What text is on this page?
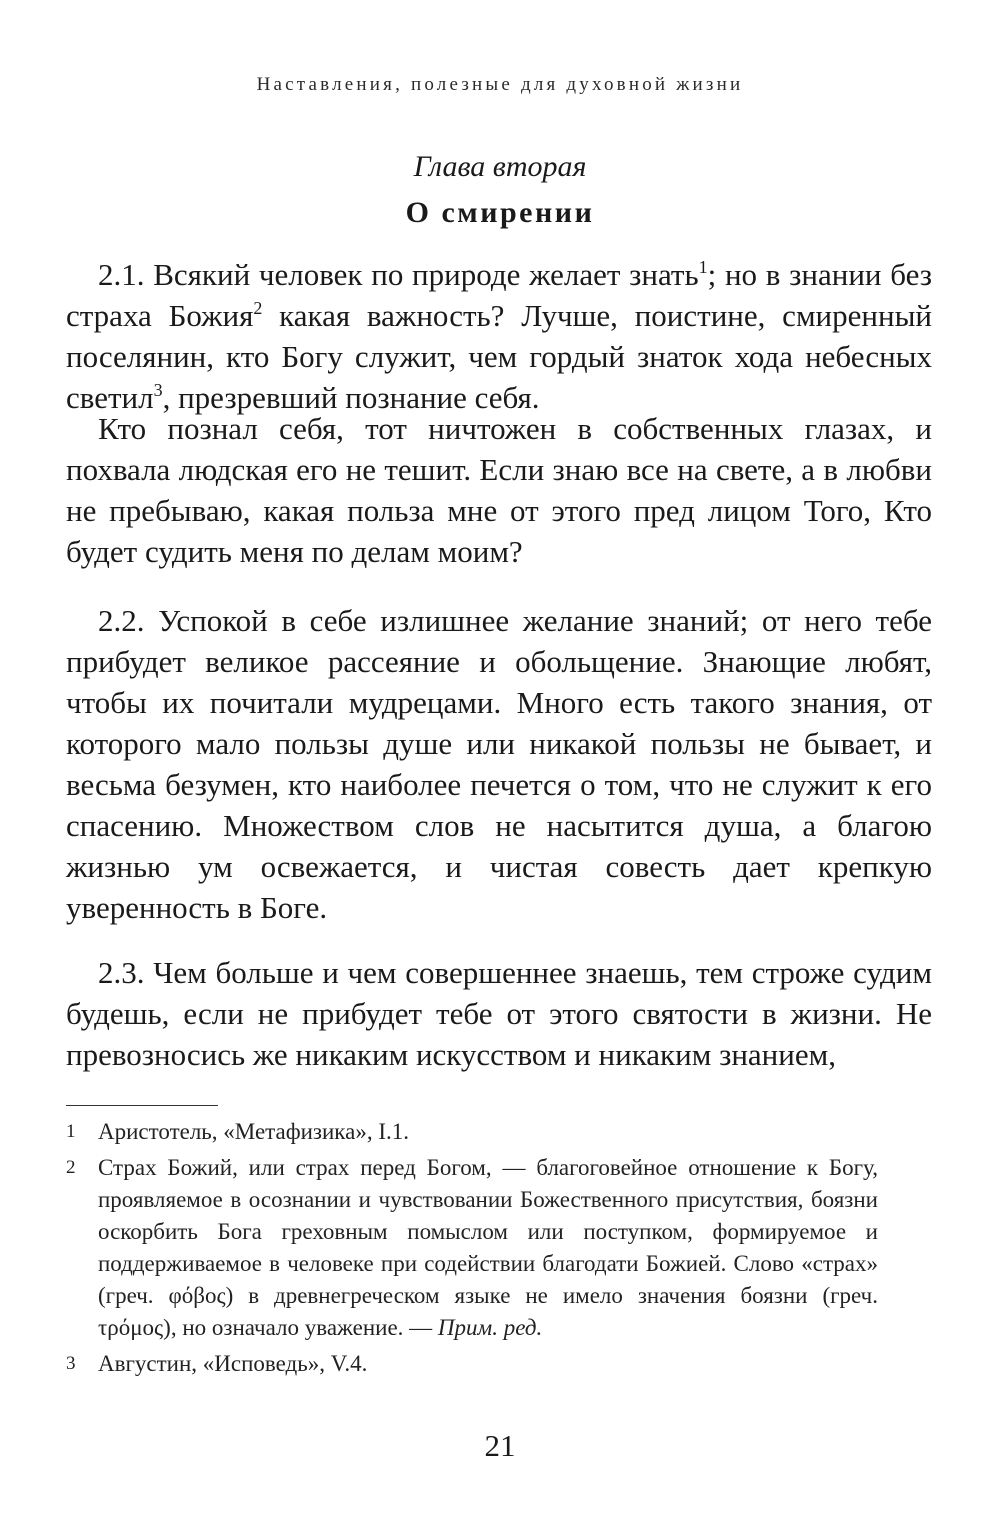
Наставления, полезные для духовной жизни
Глава вторая
О смирении

2.1. Всякий человек по природе желает знать$^1$; но в знании без страха Божия$^2$ какая важность? Лучше, поистине, смиренный поселянин, кто Богу служит, чем гордый знаток хода небесных светил$^3$, презревший познание себя.

Кто познал себя, тот ничтожен в собственных глазах, и похвала людская его не тешит. Если знаю все на свете, а в любви не пребываю, какая польза мне от этого пред лицом Того, Кто будет судить меня по делам моим?

2.2. Успокой в себе излишнее желание знаний; от него тебе прибудет великое рассеяние и обольщение. Знающие любят, чтобы их почитали мудрецами. Много есть такого знания, от которого мало пользы душе или никакой пользы не бывает, и весьма безумен, кто наиболее печется о том, что не служит к его спасению. Множеством слов не насытится душа, а благою жизнью ум освежается, и чистая совесть дает крепкую уверенность в Боге.

2.3. Чем больше и чем совершеннее знаешь, тем строже судим будешь, если не прибудет тебе от этого святости в жизни. Не превозносись же никаким искусством и никаким знанием,

1 Аристотель, «Метафизика», I.1.
2 Страх Божий, или страх перед Богом, — благоговейное отношение к Богу, проявляемое в осознании и чувствовании Божественного присутствия, боязни оскорбить Бога греховным помыслом или поступком, формируемое и поддерживаемое в человеке при содействии благодати Божией. Слово «страх» (греч. φόβος) в древнегреческом языке не имело значения боязни (греч. τρόμος), но означало уважение. — Прим. ред.
3 Августин, «Исповедь», V.4.
21
